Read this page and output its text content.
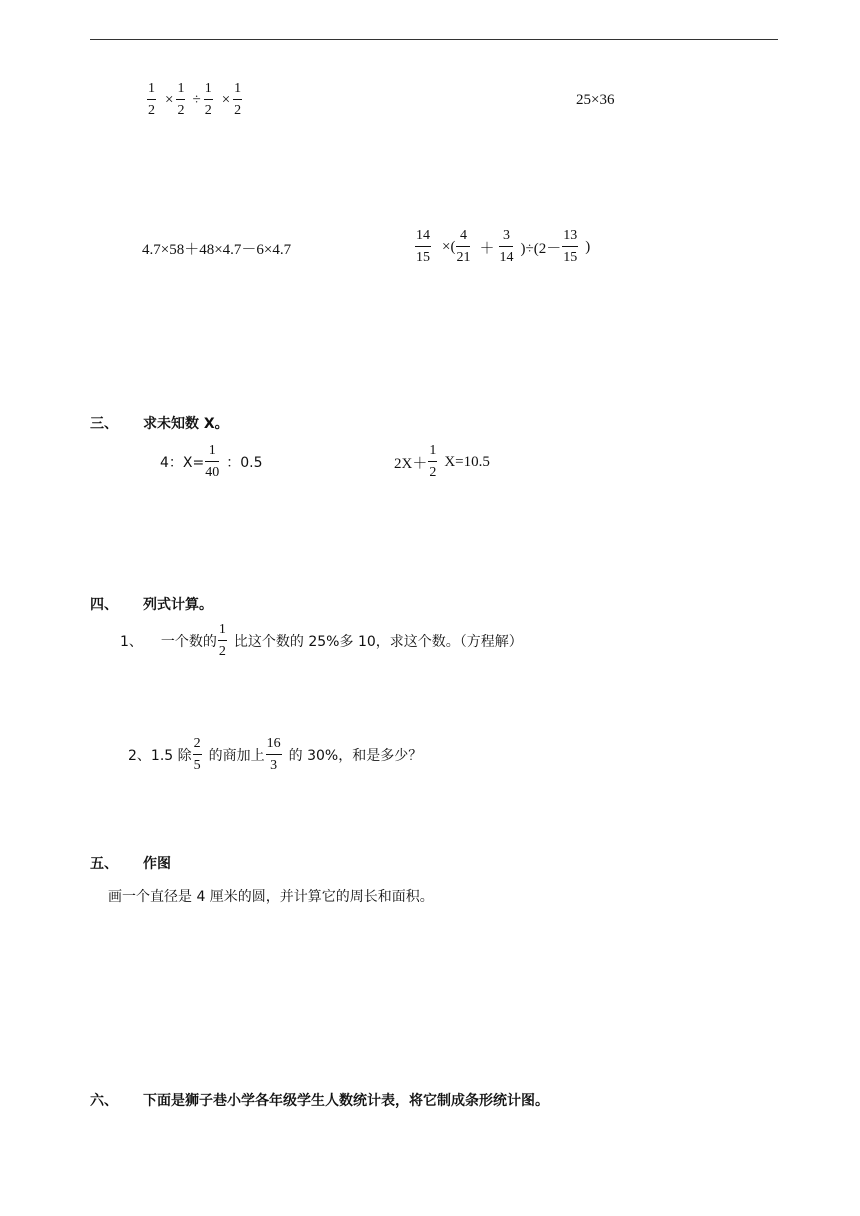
$\frac{1}{2} \times \frac{1}{2} \div \frac{1}{2} \times \frac{1}{2}$	25×36
4.7×58＋48×4.7－6×4.7	$\frac{14}{15}$ ×( $\frac{4}{21} + \frac{3}{14} )\div(2- \frac{13}{15}$ )
三、 求未知数 X。
4：$X= \frac{1}{40}$ ：0.5	$2X+ \frac{1}{2} X=10.5$
四、 列式计算。
1、 一个数的 $\frac{1}{2}$ 比这个数的 25%多 10，求这个数。（方程解）
2、1.5 除 $\frac{2}{5}$ 的商加上 $\frac{16}{3}$ 的 30%，和是多少？
五、 作图
画一个直径是 4 厘米的圆，并计算它的周长和面积。
六、 下面是狮子巷小学各年级学生人数统计表，将它制成条形统计图。
